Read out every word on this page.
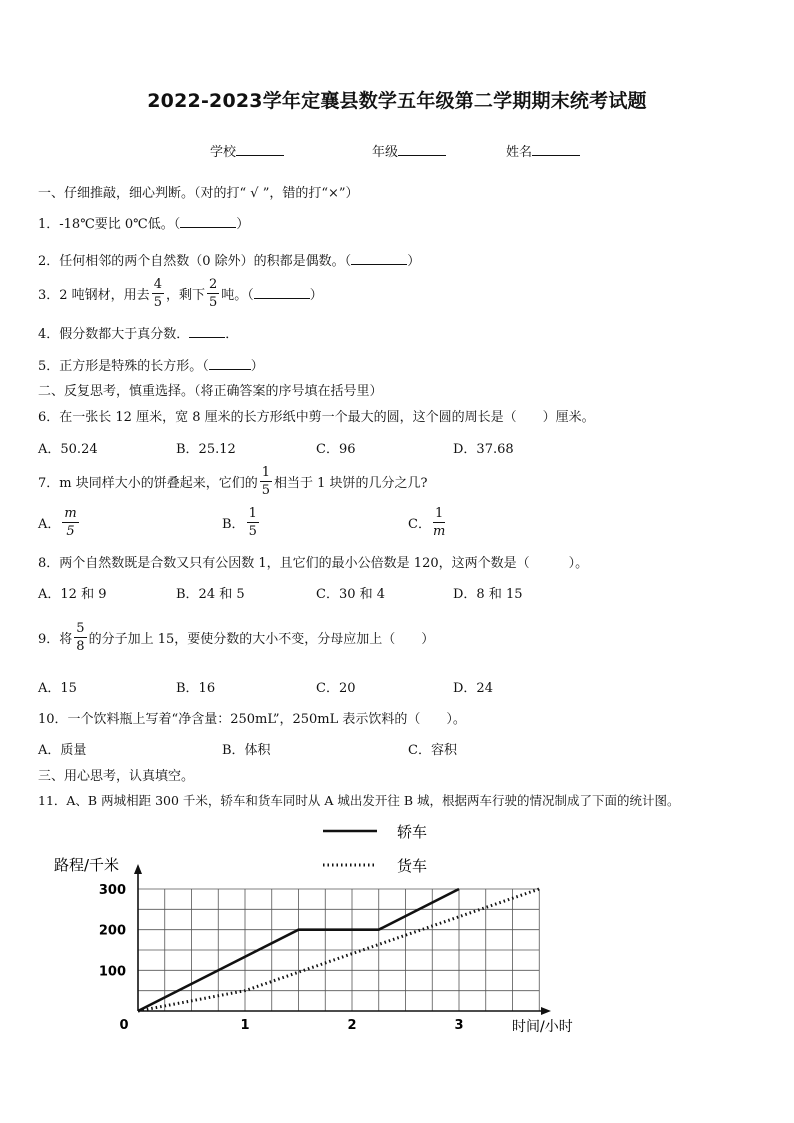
2022-2023学年定襄县数学五年级第二学期期末统考试题
学校	年级	姓名
一、仔细推敲，细心判断。（对的打“ √ ”，错的打“×”）
1．-18℃要比 0℃低。（	）
2．任何相邻的两个自然数（0 除外）的积都是偶数。（	）
3．2 吨钢材，用去 $\frac{4}{5}$ ，剩下 $\frac{2}{5}$ 吨。（	）
4．假分数都大于真分数．	．
5．正方形是特殊的长方形。（	）
二、反复思考，慎重选择。（将正确答案的序号填在括号里）
6．在一张长 12 厘米，宽 8 厘米的长方形纸中剪一个最大的圆，这个圆的周长是（　　）厘米。
A．50.24	B．25.12	C．96	D．37.68
7．m 块同样大小的饼叠起来，它们的 $\frac{1}{5}$ 相当于 1 块饼的几分之几?
A． $\frac{m}{5}$	B． $\frac{1}{5}$	C． $\frac{1}{m}$
8．两个自然数既是合数又只有公因数 1，且它们的最小公倍数是 120，这两个数是（　　　）。
A．12 和 9	B．24 和 5	C．30 和 4	D．8 和 15
9．将 $\frac{5}{8}$ 的分子加上 15，要使分数的大小不变，分母应加上（　　）
A．15	B．16	C．20	D．24
10．一个饮料瓶上写着“净含量：250mL”，250mL 表示饮料的（　　）。
A．质量	B．体积	C．容积
三、用心思考，认真填空。
11．A、B 两城相距 300 千米，轿车和货车同时从 A 城出发开往 B 城，根据两车行驶的情况制成了下面的统计图。
轿车
货车
路程/千米
时间/小时
100
200
300
0	1	2	3
